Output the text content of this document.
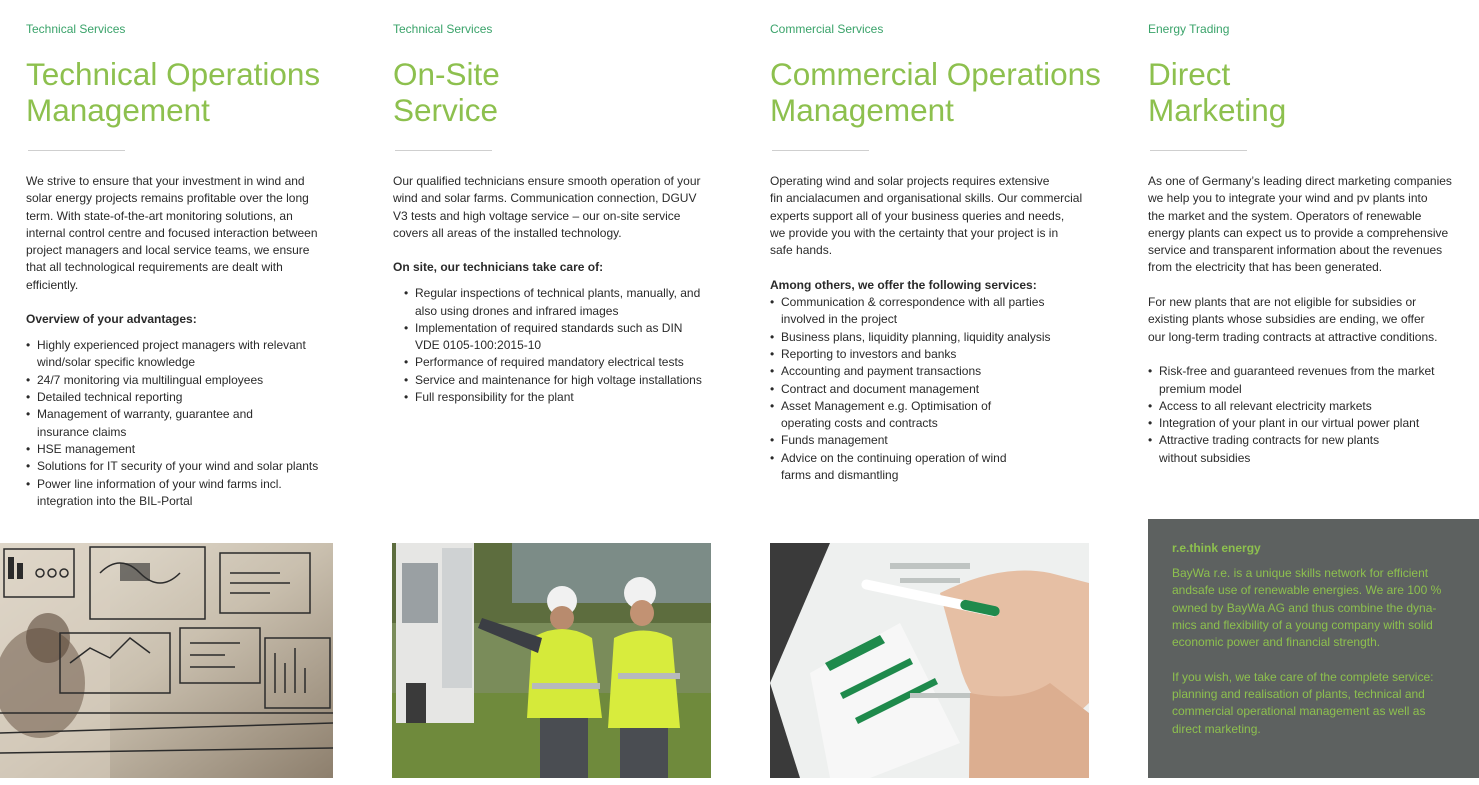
Technical Services
Technical Operations
Management

We strive to ensure that your investment in wind and
solar energy projects remains profitable over the long
term. With state-of-the-art monitoring solutions, an
internal control centre and focused interaction between
project managers and local service teams, we ensure
that all technological requirements are dealt with
efficiently.

Overview of your advantages:
• Highly experienced project managers with relevant
wind/solar specific knowledge
• 24/7 monitoring via multilingual employees
• Detailed technical reporting
• Management of warranty, guarantee and
insurance claims
• HSE management
• Solutions for IT security of your wind and solar plants
• Power line information of your wind farms incl.
integration into the BIL-Portal
Technical Services
On-Site
Service

Our qualified technicians ensure smooth operation of your
wind and solar farms. Communication connection, DGUV
V3 tests and high voltage service – our on-site service
covers all areas of the installed technology.

On site, our technicians take care of:
• Regular inspections of technical plants, manually, and
also using drones and infrared images
• Implementation of required standards such as DIN
VDE 0105-100:2015-10
• Performance of required mandatory electrical tests
• Service and maintenance for high voltage installations
• Full responsibility for the plant
Commercial Services
Commercial Operations
Management

Operating wind and solar projects requires extensive
fin ancialacumen and organisational skills. Our commercial
experts support all of your business queries and needs,
we provide you with the certainty that your project is in
safe hands.

Among others, we offer the following services:
• Communication & correspondence with all parties
involved in the project
• Business plans, liquidity planning, liquidity analysis
• Reporting to investors and banks
• Accounting and payment transactions
• Contract and document management
• Asset Management e.g. Optimisation of
operating costs and contracts
• Funds management
• Advice on the continuing operation of wind
farms and dismantling
Energy Trading
Direct
Marketing

As one of Germany’s leading direct marketing companies
we help you to integrate your wind and pv plants into
the market and the system. Operators of renewable
energy plants can expect us to provide a comprehensive
service and transparent information about the revenues
from the electricity that has been generated.

For new plants that are not eligible for subsidies or
existing plants whose subsidies are ending, we offer
our long-term trading contracts at attractive conditions.

• Risk-free and guaranteed revenues from the market
premium model
• Access to all relevant electricity markets
• Integration of your plant in our virtual power plant
• Attractive trading contracts for new plants
without subsidies
r.e.think energy

BayWa r.e. is a unique skills network for efficient
andsafe use of renewable energies. We are 100 %
owned by BayWa AG and thus combine the dyna-
mics and flexibility of a young company with solid
economic power and financial strength.

If you wish, we take care of the complete service:
planning and realisation of plants, technical and
commercial operational management as well as
direct marketing.
